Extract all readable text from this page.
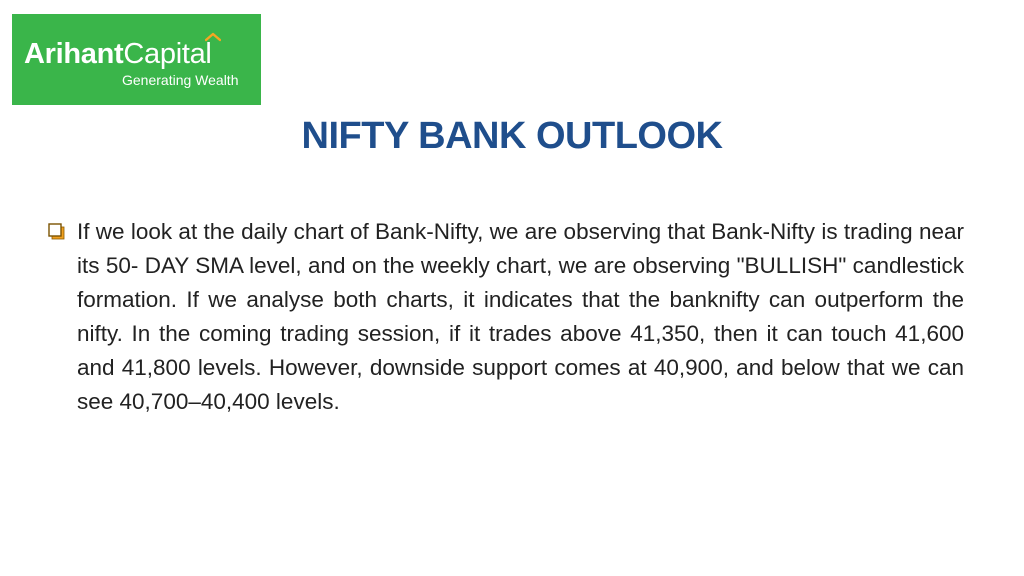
ArihantCapital
Generating Wealth
NIFTY BANK OUTLOOK
If we look at the daily chart of Bank-Nifty, we are observing that Bank-Nifty is trading near its 50- DAY SMA level, and on the weekly chart, we are observing "BULLISH" candlestick formation. If we analyse both charts, it indicates that the banknifty can outperform the nifty. In the coming trading session, if it trades above 41,350, then it can touch 41,600 and 41,800 levels. However, downside support comes at 40,900, and below that we can see 40,700–40,400 levels.
